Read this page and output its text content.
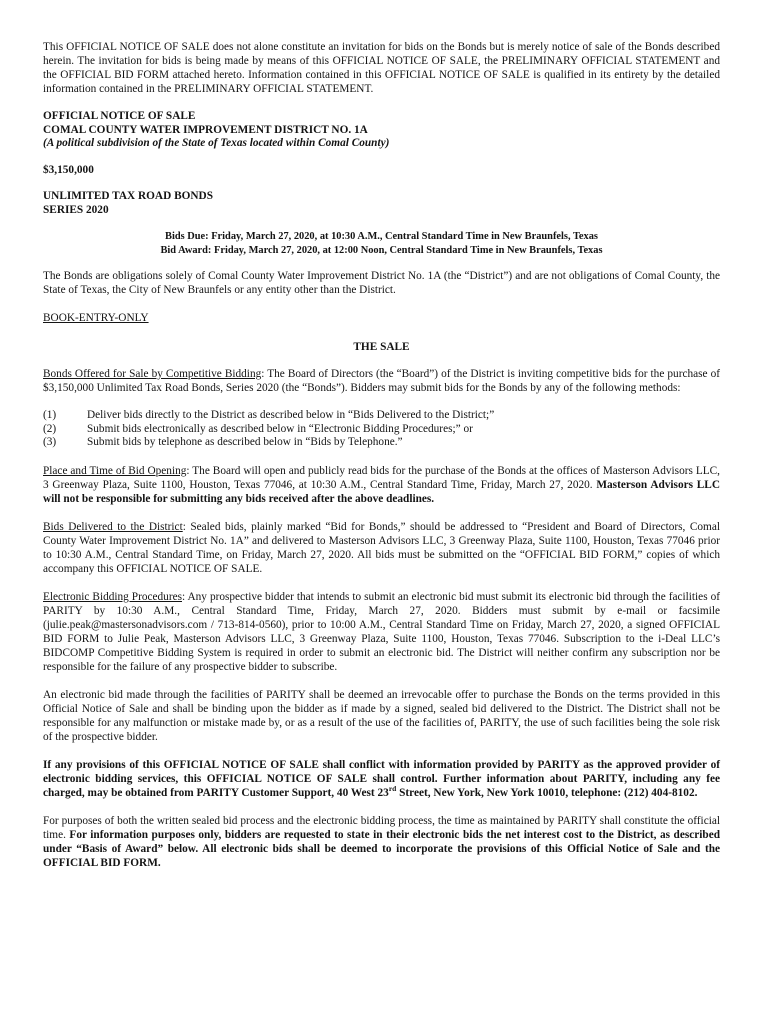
This OFFICIAL NOTICE OF SALE does not alone constitute an invitation for bids on the Bonds but is merely notice of sale of the Bonds described herein. The invitation for bids is being made by means of this OFFICIAL NOTICE OF SALE, the PRELIMINARY OFFICIAL STATEMENT and the OFFICIAL BID FORM attached hereto. Information contained in this OFFICIAL NOTICE OF SALE is qualified in its entirety by the detailed information contained in the PRELIMINARY OFFICIAL STATEMENT.

OFFICIAL NOTICE OF SALE

COMAL COUNTY WATER IMPROVEMENT DISTRICT NO. 1A

(A political subdivision of the State of Texas located within Comal County)

$3,150,000

UNLIMITED TAX ROAD BONDS

SERIES 2020

Bids Due: Friday, March 27, 2020, at 10:30 A.M., Central Standard Time in New Braunfels, Texas

Bid Award: Friday, March 27, 2020, at 12:00 Noon, Central Standard Time in New Braunfels, Texas

The Bonds are obligations solely of Comal County Water Improvement District No. 1A (the “District”) and are not obligations of Comal County, the State of Texas, the City of New Braunfels or any entity other than the District.

BOOK-ENTRY-ONLY

THE SALE

Bonds Offered for Sale by Competitive Bidding: The Board of Directors (the “Board”) of the District is inviting competitive bids for the purchase of $3,150,000 Unlimited Tax Road Bonds, Series 2020 (the “Bonds”). Bidders may submit bids for the Bonds by any of the following methods:

(1)	Deliver bids directly to the District as described below in “Bids Delivered to the District;”
(2)	Submit bids electronically as described below in “Electronic Bidding Procedures;” or
(3)	Submit bids by telephone as described below in “Bids by Telephone.”

Place and Time of Bid Opening: The Board will open and publicly read bids for the purchase of the Bonds at the offices of Masterson Advisors LLC, 3 Greenway Plaza, Suite 1100, Houston, Texas 77046, at 10:30 A.M., Central Standard Time, Friday, March 27, 2020. Masterson Advisors LLC will not be responsible for submitting any bids received after the above deadlines.

Bids Delivered to the District: Sealed bids, plainly marked “Bid for Bonds,” should be addressed to “President and Board of Directors, Comal County Water Improvement District No. 1A” and delivered to Masterson Advisors LLC, 3 Greenway Plaza, Suite 1100, Houston, Texas 77046 prior to 10:30 A.M., Central Standard Time, on Friday, March 27, 2020. All bids must be submitted on the “OFFICIAL BID FORM,” copies of which accompany this OFFICIAL NOTICE OF SALE.

Electronic Bidding Procedures: Any prospective bidder that intends to submit an electronic bid must submit its electronic bid through the facilities of PARITY by 10:30 A.M., Central Standard Time, Friday, March 27, 2020. Bidders must submit by e-mail or facsimile (julie.peak@mastersonadvisors.com / 713-814-0560), prior to 10:00 A.M., Central Standard Time on Friday, March 27, 2020, a signed OFFICIAL BID FORM to Julie Peak, Masterson Advisors LLC, 3 Greenway Plaza, Suite 1100, Houston, Texas 77046. Subscription to the i-Deal LLC’s BIDCOMP Competitive Bidding System is required in order to submit an electronic bid. The District will neither confirm any subscription nor be responsible for the failure of any prospective bidder to subscribe.

An electronic bid made through the facilities of PARITY shall be deemed an irrevocable offer to purchase the Bonds on the terms provided in this Official Notice of Sale and shall be binding upon the bidder as if made by a signed, sealed bid delivered to the District. The District shall not be responsible for any malfunction or mistake made by, or as a result of the use of the facilities of, PARITY, the use of such facilities being the sole risk of the prospective bidder.

If any provisions of this OFFICIAL NOTICE OF SALE shall conflict with information provided by PARITY as the approved provider of electronic bidding services, this OFFICIAL NOTICE OF SALE shall control. Further information about PARITY, including any fee charged, may be obtained from PARITY Customer Support, 40 West 23rd Street, New York, New York 10010, telephone: (212) 404-8102.

For purposes of both the written sealed bid process and the electronic bidding process, the time as maintained by PARITY shall constitute the official time. For information purposes only, bidders are requested to state in their electronic bids the net interest cost to the District, as described under “Basis of Award” below. All electronic bids shall be deemed to incorporate the provisions of this Official Notice of Sale and the OFFICIAL BID FORM.
